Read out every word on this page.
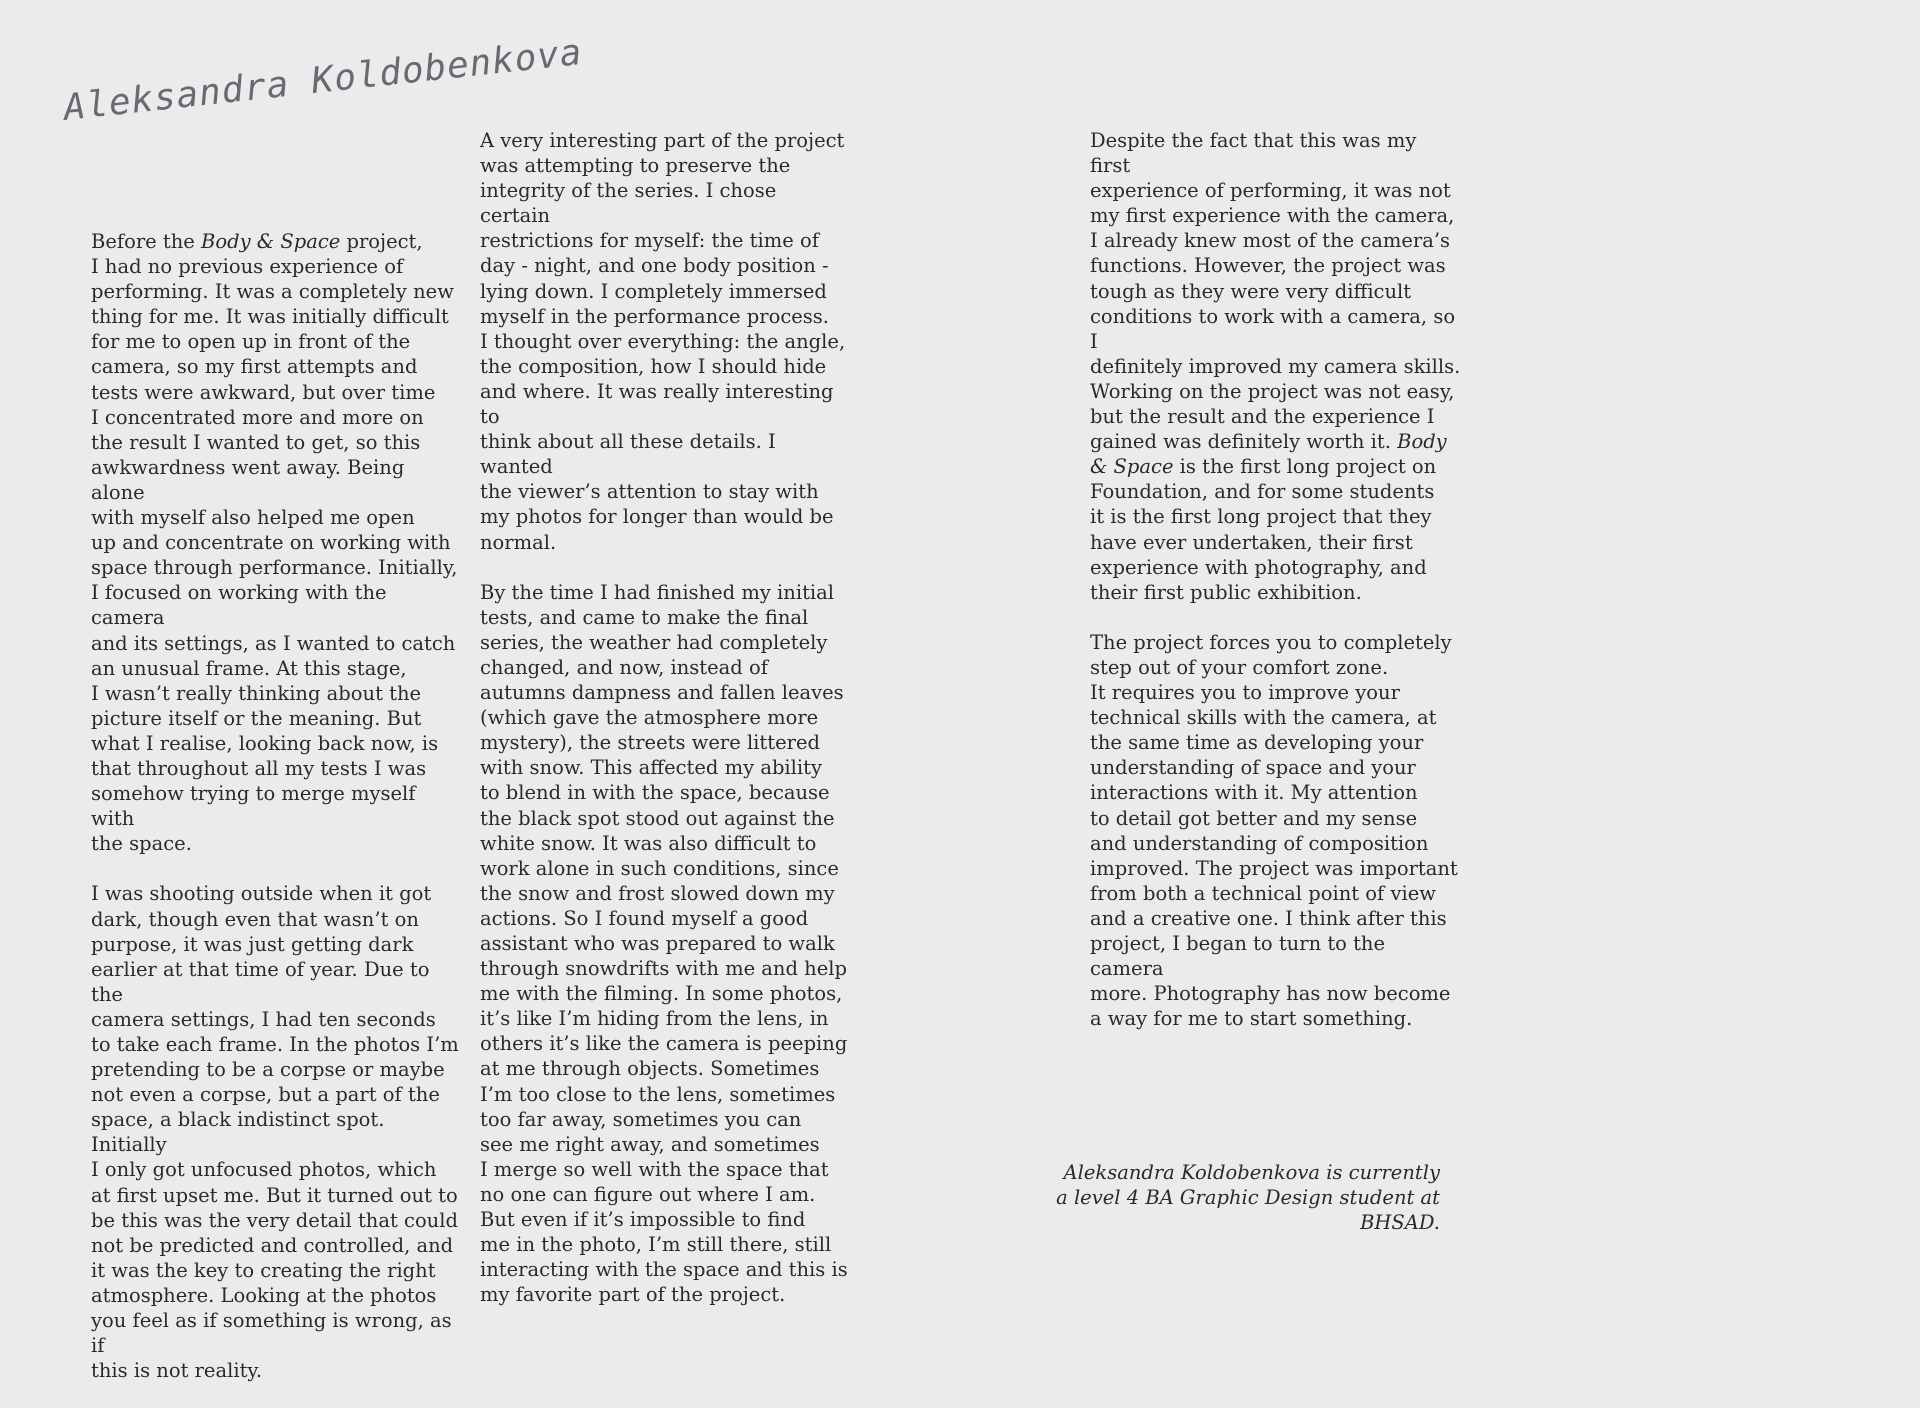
Aleksandra Koldobenkova

Before the Body & Space project,
I had no previous experience of
performing. It was a completely new
thing for me. It was initially difficult
for me to open up in front of the
camera, so my first attempts and
tests were awkward, but over time
I concentrated more and more on
the result I wanted to get, so this
awkwardness went away. Being alone
with myself also helped me open
up and concentrate on working with
space through performance. Initially,
I focused on working with the camera
and its settings, as I wanted to catch
an unusual frame. At this stage,
I wasn’t really thinking about the
picture itself or the meaning. But
what I realise, looking back now, is
that throughout all my tests I was
somehow trying to merge myself with
the space.

I was shooting outside when it got
dark, though even that wasn’t on
purpose, it was just getting dark
earlier at that time of year. Due to the
camera settings, I had ten seconds
to take each frame. In the photos I’m
pretending to be a corpse or maybe
not even a corpse, but a part of the
space, a black indistinct spot. Initially
I only got unfocused photos, which
at first upset me. But it turned out to
be this was the very detail that could
not be predicted and controlled, and
it was the key to creating the right
atmosphere. Looking at the photos
you feel as if something is wrong, as if
this is not reality.

A very interesting part of the project
was attempting to preserve the
integrity of the series. I chose certain
restrictions for myself: the time of
day - night, and one body position -
lying down. I completely immersed
myself in the performance process.
I thought over everything: the angle,
the composition, how I should hide
and where. It was really interesting to
think about all these details. I wanted
the viewer’s attention to stay with
my photos for longer than would be
normal.

By the time I had finished my initial
tests, and came to make the final
series, the weather had completely
changed, and now, instead of
autumns dampness and fallen leaves
(which gave the atmosphere more
mystery), the streets were littered
with snow. This affected my ability
to blend in with the space, because
the black spot stood out against the
white snow. It was also difficult to
work alone in such conditions, since
the snow and frost slowed down my
actions. So I found myself a good
assistant who was prepared to walk
through snowdrifts with me and help
me with the filming. In some photos,
it’s like I’m hiding from the lens, in
others it’s like the camera is peeping
at me through objects. Sometimes
I’m too close to the lens, sometimes
too far away, sometimes you can
see me right away, and sometimes
I merge so well with the space that
no one can figure out where I am.
But even if it’s impossible to find
me in the photo, I’m still there, still
interacting with the space and this is
my favorite part of the project.

Despite the fact that this was my first
experience of performing, it was not
my first experience with the camera,
I already knew most of the camera’s
functions. However, the project was
tough as they were very difficult
conditions to work with a camera, so I
definitely improved my camera skills.
Working on the project was not easy,
but the result and the experience I
gained was definitely worth it. Body
& Space is the first long project on
Foundation, and for some students
it is the first long project that they
have ever undertaken, their first
experience with photography, and
their first public exhibition.

The project forces you to completely
step out of your comfort zone.
It requires you to improve your
technical skills with the camera, at
the same time as developing your
understanding of space and your
interactions with it. My attention
to detail got better and my sense
and understanding of composition
improved. The project was important
from both a technical point of view
and a creative one. I think after this
project, I began to turn to the camera
more. Photography has now become
a way for me to start something.

Aleksandra Koldobenkova is currently
a level 4 BA Graphic Design student at
BHSAD.
